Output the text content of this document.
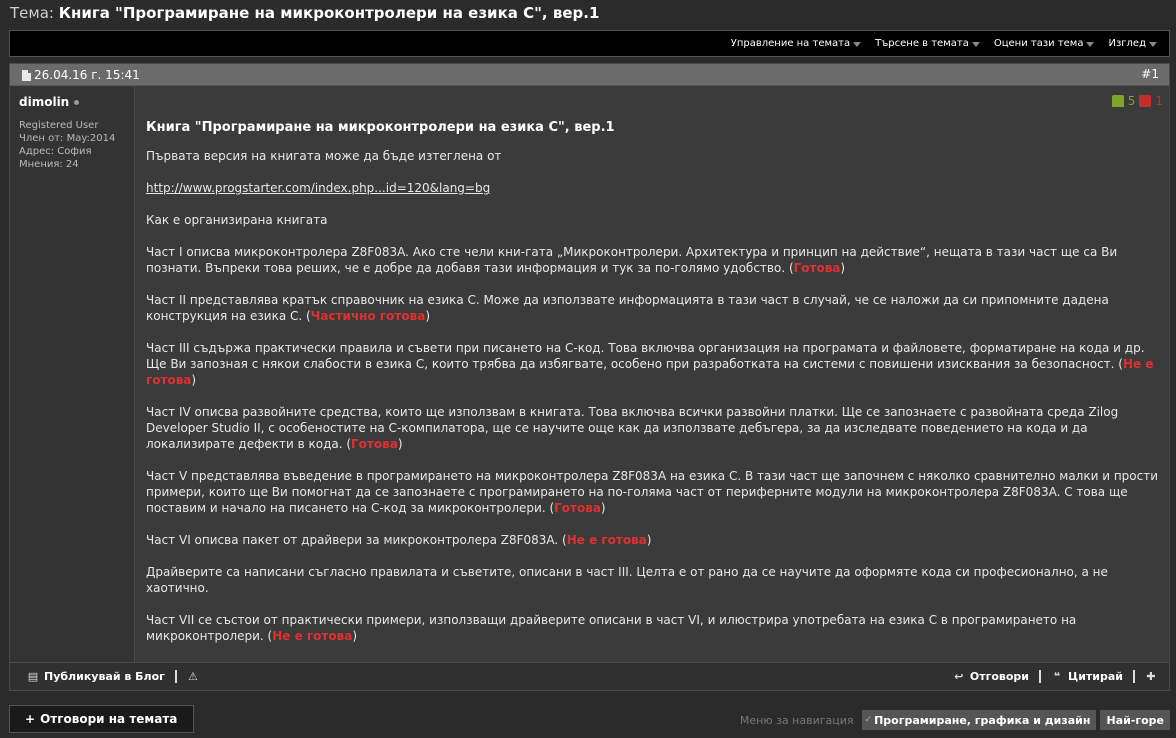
Тема: Книга "Програмиране на микроконтролери на езика С", вер.1
Управление на темата	Търсене в темата	Оцени тази тема	Изглед
26.04.16 г. 15:41	#1
dimolin
Registered User
Член от: May:2014
Адрес: София
Мнения: 24
5 1
Книга "Програмиране на микроконтролери на езика С", вер.1

Първата версия на книгата може да бъде изтеглена от

http://www.progstarter.com/index.php...id=120&lang=bg

Как е организирана книгата

Част I описва микроконтролера Z8F083A. Ако сте чели кни-гата „Микроконтролери. Архитектура и принцип на действие“, нещата в тази част ще са Ви познати. Въпреки това реших, че е добре да добавя тази информация и тук за по-голямо удобство. (Готова)

Част II представлява кратък справочник на езика С. Може да използвате информацията в тази част в случай, че се наложи да си припомните дадена конструкция на езика С. (Частично готова)

Част III съдържа практически правила и съвети при писането на С-код. Това включва организация на програмата и файловете, форматиране на кода и др. Ще Ви запозная с някои слабости в езика С, които трябва да избягвате, особено при разработката на системи с повишени изисквания за безопасност. (Не е готова)

Част IV описва развойните средства, които ще използвам в книгата. Това включва всички развойни платки. Ще се запознаете с развойната среда Zilog Developer Studio II, с особеностите на С-компилатора, ще се научите още как да използвате дебъгера, за да изследвате поведението на кода и да локализирате дефекти в кода. (Готова)

Част V представлява въведение в програмирането на микроконтролера Z8F083A на езика С. В тази част ще започнем с няколко сравнително малки и прости примери, които ще Ви помогнат да се запознаете с програмирането на по-голяма част от периферните модули на микроконтролера Z8F083A. С това ще поставим и начало на писането на С-код за микроконтролери. (Готова)

Част VI описва пакет от драйвери за микроконтролера Z8F083A. (Не е готова)

Драйверите са написани съгласно правилата и съветите, описани в част III. Целта е от рано да се научите да оформяте кода си професионално, а не хаотично.

Част VII се състои от практически примери, използващи драйверите описани в част VI, и илюстрира употребата на езика С в програмирането на микроконтролери. (Не е готова)

▤ Публикувай в Блог ⚠	↩ Отговори ❝ Цитирай ✚
+ Отговори на темата	Меню за навигация ✓ Програмиране, графика и дизайн	Най-горе
